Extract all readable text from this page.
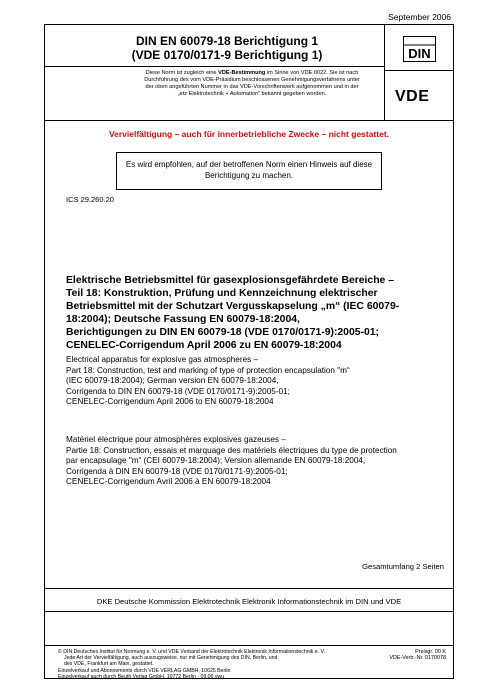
September 2006
DIN EN 60079-18 Berichtigung 1
(VDE 0170/0171-9 Berichtigung 1)
Diese Norm ist zugleich eine VDE-Bestimmung im Sinne von VDE 0022. Sie ist nach
Durchführung des vom VDE-Präsidium beschlossenen Genehmigungsverfahrens unter
der oben angeführten Nummer in das VDE-Vorschriftenwerk aufgenommen und in der
„etz Elektrotechnik + Automation“ bekannt gegeben worden.
DIN
VDE
Vervielfältigung – auch für innerbetriebliche Zwecke – nicht gestattet.
Es wird empfohlen, auf der betroffenen Norm einen Hinweis auf diese
Berichtigung zu machen.
ICS 29.260.20
Elektrische Betriebsmittel für gasexplosionsgefährdete Bereiche –
Teil 18: Konstruktion, Prüfung und Kennzeichnung elektrischer
Betriebsmittel mit der Schutzart Vergusskapselung „m“ (IEC 60079-
18:2004); Deutsche Fassung EN 60079-18:2004,
Berichtigungen zu DIN EN 60079-18 (VDE 0170/0171-9):2005-01;
CENELEC-Corrigendum April 2006 zu EN 60079-18:2004
Electrical apparatus for explosive gas atmospheres –
Part 18: Construction, test and marking of type of protection encapsulation "m“
(IEC 60079-18:2004); German version EN 60079-18:2004,
Corrigenda to DIN EN 60079-18 (VDE 0170/0171-9):2005-01;
CENELEC-Corrigendum April 2006 to EN 60079-18:2004
Matériel électrique pour atmosphères explosives gazeuses –
Partie 18: Construction, essais et marquage des matériels électriques du type de protection
par encapsulage "m“ (CEI 60079-18:2004); Version allemande EN 60079-18:2004,
Corrigenda à DIN EN 60079-18 (VDE 0170/0171-9):2005-01;
CENELEC-Corrigendum Avril 2006 à EN 60079-18:2004
Gesamtumfang 2 Seiten
DKE Deutsche Kommission Elektrotechnik Elektronik Informationstechnik im DIN und VDE
© DIN Deutsches Institut für Normung e. V. und VDE Verband der Elektrotechnik Elektronik Informationstechnik e. V.
Jede Art der Vervielfältigung, auch auszugsweise, nur mit Genehmigung des DIN, Berlin, und
des VDE, Frankfurt am Main, gestattet.
Einzelverkauf und Abonnements durch VDE VERLAG GMBH, 10625 Berlin
Einzelverkauf auch durch Beuth Verlag GmbH, 10772 Berlin · 09.06 vwu
Preisgr. 00 K
VDE-Vertr.-Nr. 0170078
